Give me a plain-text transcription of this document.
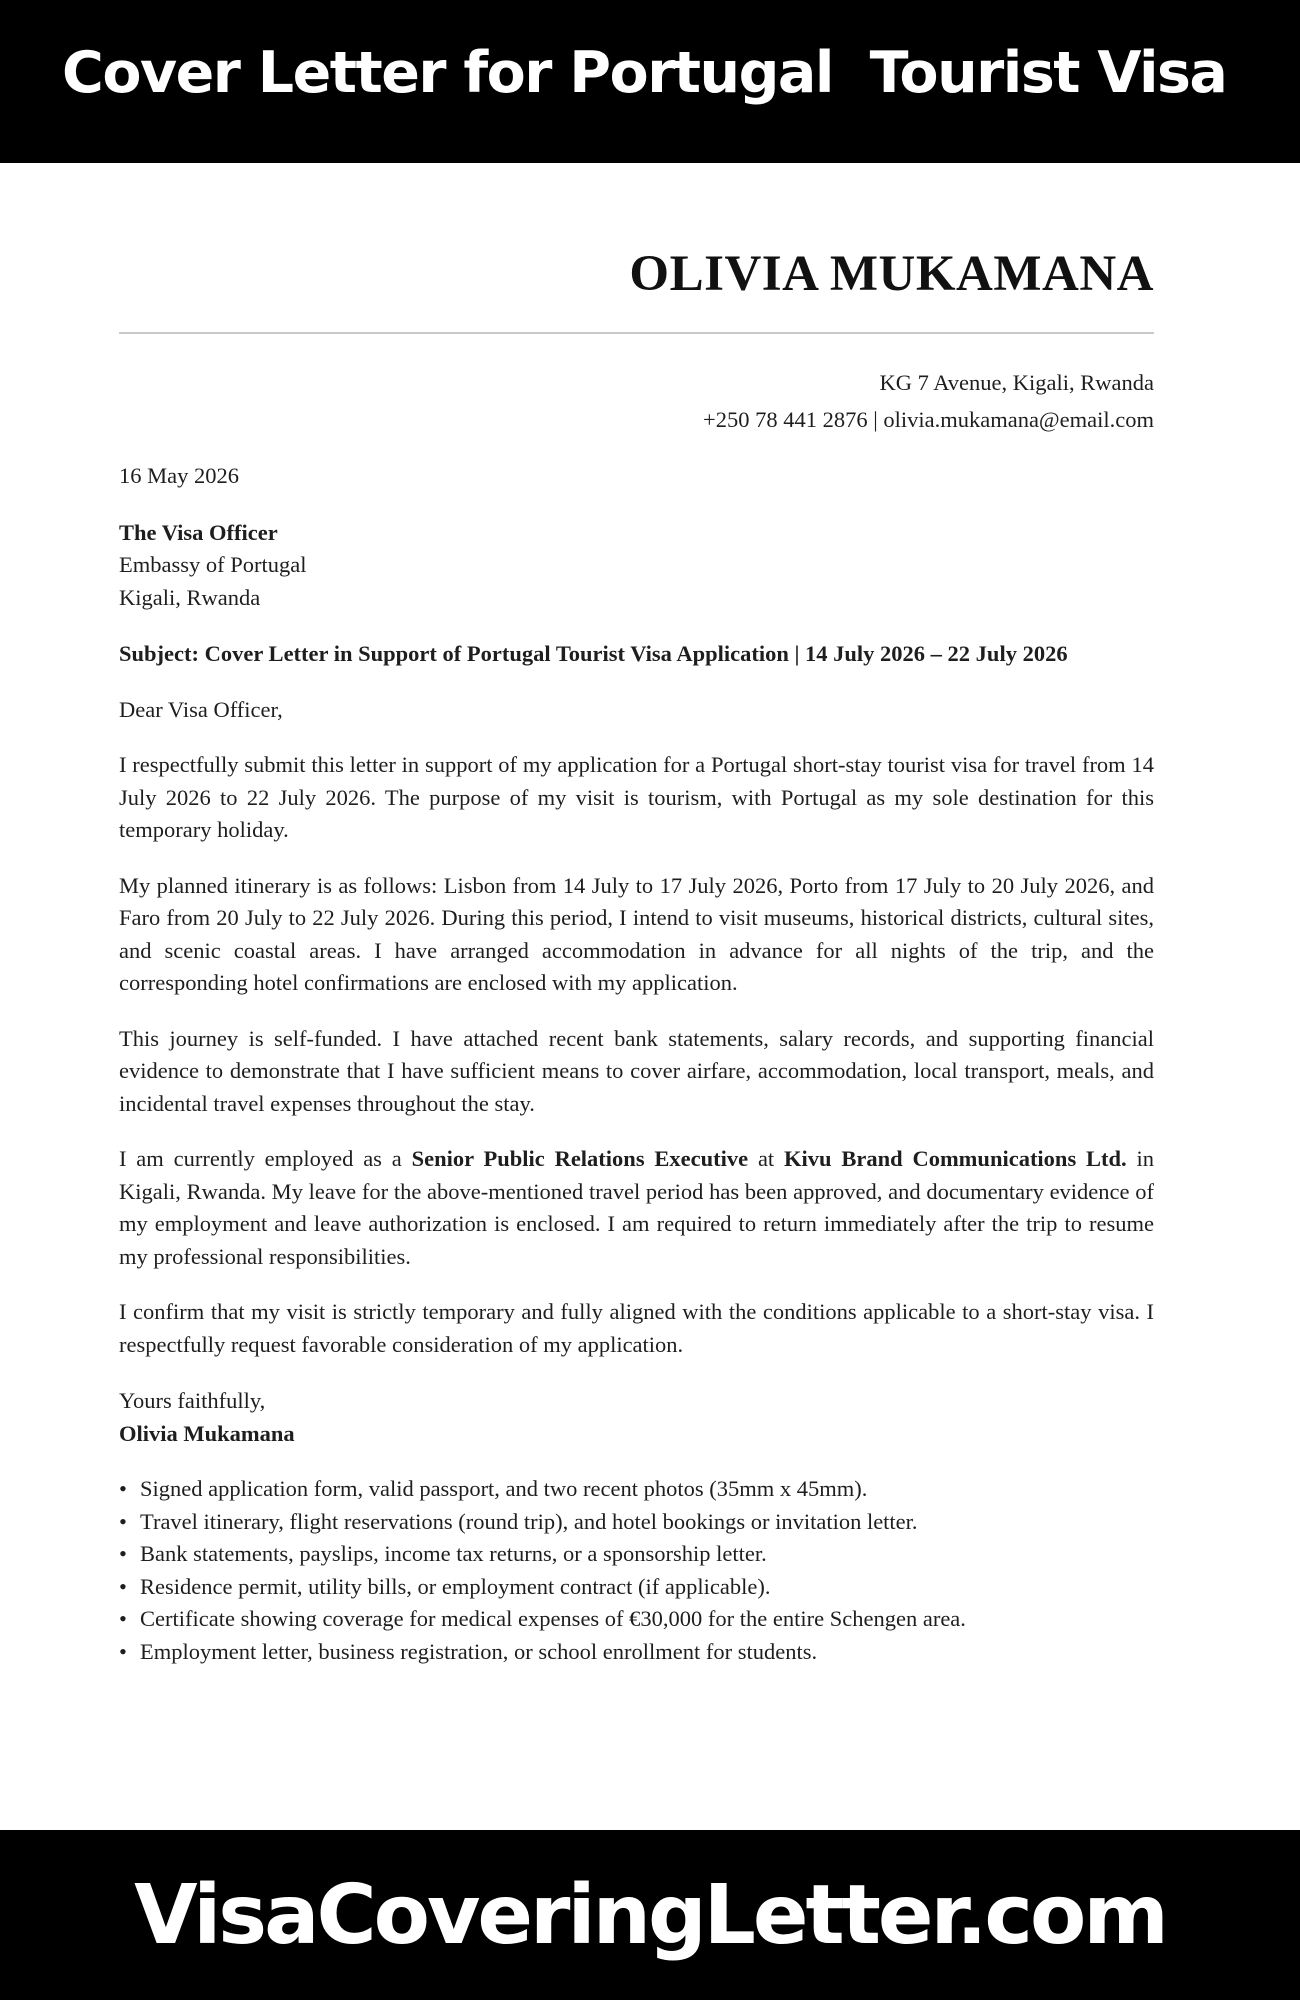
Cover Letter for Portugal  Tourist Visa
OLIVIA MUKAMANA
KG 7 Avenue, Kigali, Rwanda
+250 78 441 2876 | olivia.mukamana@email.com
16 May 2026
The Visa Officer
Embassy of Portugal
Kigali, Rwanda
Subject: Cover Letter in Support of Portugal Tourist Visa Application | 14 July 2026 – 22 July 2026
Dear Visa Officer,
I respectfully submit this letter in support of my application for a Portugal short-stay tourist visa for travel from 14 July 2026 to 22 July 2026. The purpose of my visit is tourism, with Portugal as my sole destination for this temporary holiday.
My planned itinerary is as follows: Lisbon from 14 July to 17 July 2026, Porto from 17 July to 20 July 2026, and Faro from 20 July to 22 July 2026. During this period, I intend to visit museums, historical districts, cultural sites, and scenic coastal areas. I have arranged accommodation in advance for all nights of the trip, and the corresponding hotel confirmations are enclosed with my application.
This journey is self-funded. I have attached recent bank statements, salary records, and supporting financial evidence to demonstrate that I have sufficient means to cover airfare, accommodation, local transport, meals, and incidental travel expenses throughout the stay.
I am currently employed as a Senior Public Relations Executive at Kivu Brand Communications Ltd. in Kigali, Rwanda. My leave for the above-mentioned travel period has been approved, and documentary evidence of my employment and leave authorization is enclosed. I am required to return immediately after the trip to resume my professional responsibilities.
I confirm that my visit is strictly temporary and fully aligned with the conditions applicable to a short-stay visa. I respectfully request favorable consideration of my application.
Yours faithfully,
Olivia Mukamana
• Signed application form, valid passport, and two recent photos (35mm x 45mm).
• Travel itinerary, flight reservations (round trip), and hotel bookings or invitation letter.
• Bank statements, payslips, income tax returns, or a sponsorship letter.
• Residence permit, utility bills, or employment contract (if applicable).
• Certificate showing coverage for medical expenses of €30,000 for the entire Schengen area.
• Employment letter, business registration, or school enrollment for students.
VisaCoveringLetter.com
